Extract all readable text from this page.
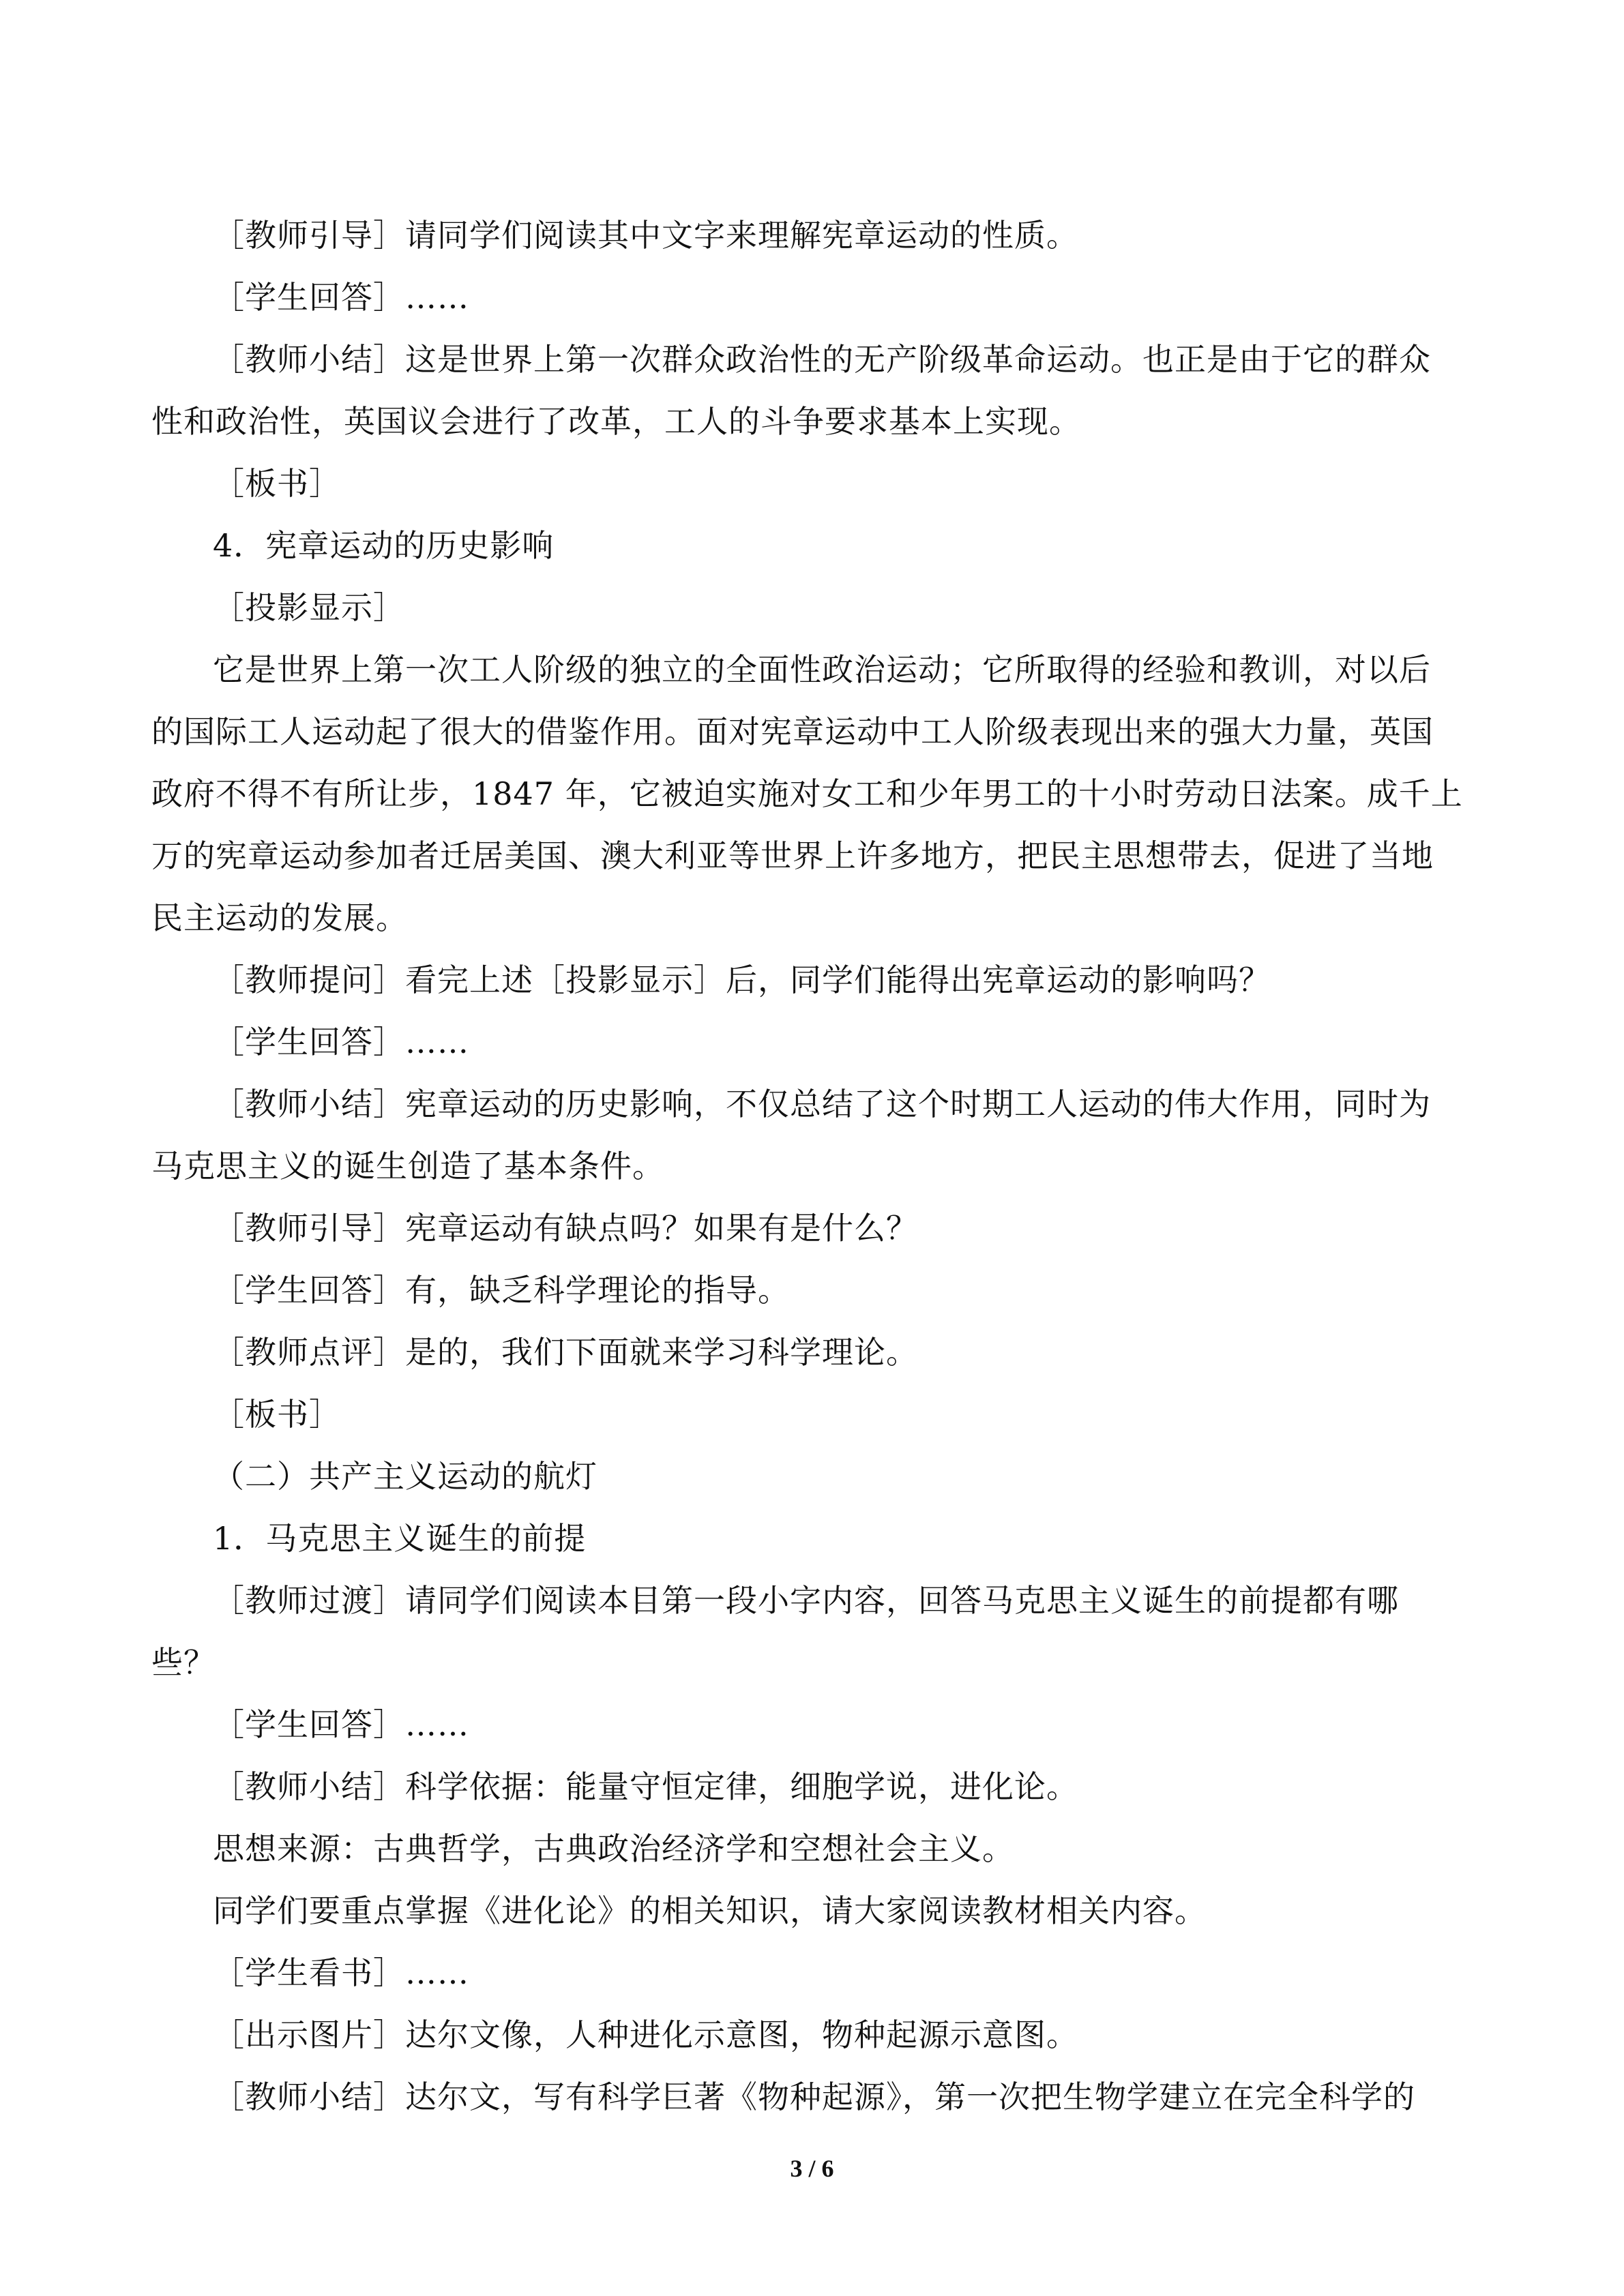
［教师引导］请同学们阅读其中文字来理解宪章运动的性质。
［学生回答］……
［教师小结］这是世界上第一次群众政治性的无产阶级革命运动。也正是由于它的群众
性和政治性，英国议会进行了改革，工人的斗争要求基本上实现。
［板书］
4．宪章运动的历史影响
［投影显示］
它是世界上第一次工人阶级的独立的全面性政治运动；它所取得的经验和教训，对以后
的国际工人运动起了很大的借鉴作用。面对宪章运动中工人阶级表现出来的强大力量，英国
政府不得不有所让步，1847 年，它被迫实施对女工和少年男工的十小时劳动日法案。成千上
万的宪章运动参加者迁居美国、澳大利亚等世界上许多地方，把民主思想带去，促进了当地
民主运动的发展。
［教师提问］看完上述［投影显示］后，同学们能得出宪章运动的影响吗？
［学生回答］……
［教师小结］宪章运动的历史影响，不仅总结了这个时期工人运动的伟大作用，同时为
马克思主义的诞生创造了基本条件。
［教师引导］宪章运动有缺点吗？如果有是什么？
［学生回答］有，缺乏科学理论的指导。
［教师点评］是的，我们下面就来学习科学理论。
［板书］
（二）共产主义运动的航灯
1．马克思主义诞生的前提
［教师过渡］请同学们阅读本目第一段小字内容，回答马克思主义诞生的前提都有哪
些？
［学生回答］……
［教师小结］科学依据：能量守恒定律，细胞学说，进化论。
思想来源：古典哲学，古典政治经济学和空想社会主义。
同学们要重点掌握《进化论》的相关知识，请大家阅读教材相关内容。
［学生看书］……
［出示图片］达尔文像，人种进化示意图，物种起源示意图。
［教师小结］达尔文，写有科学巨著《物种起源》，第一次把生物学建立在完全科学的
3 / 6
